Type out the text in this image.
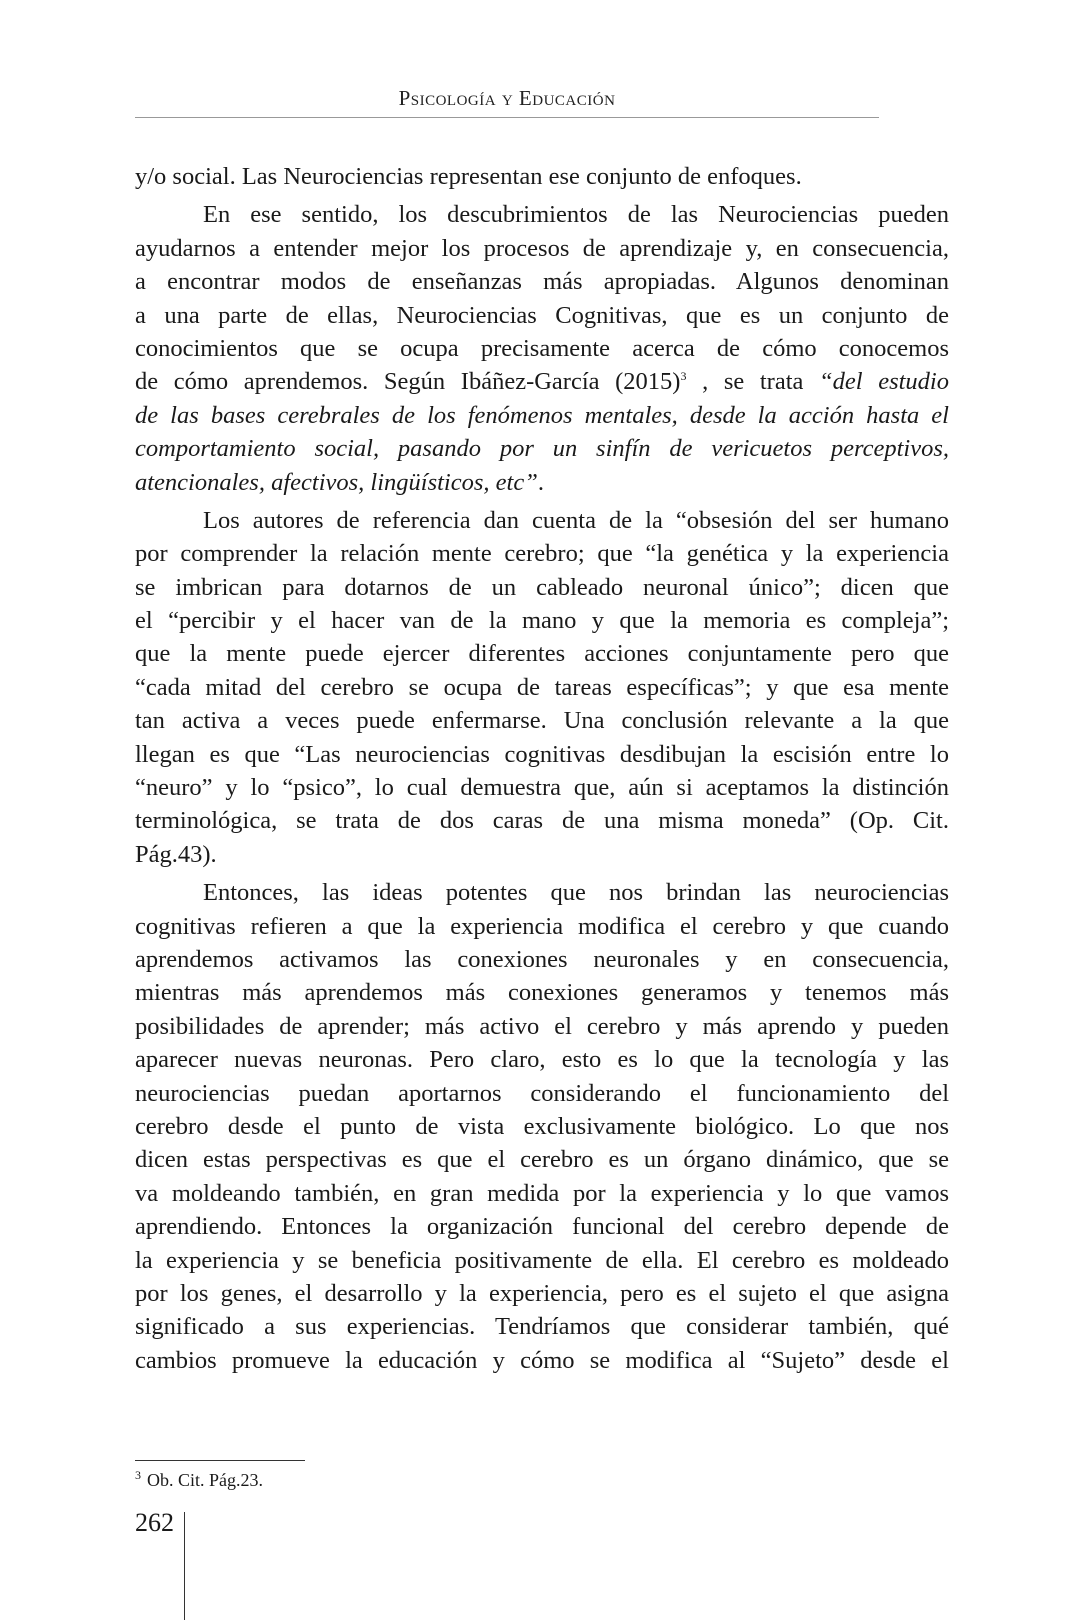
Psicología y Educación
y/o social. Las Neurociencias representan ese conjunto de enfoques.
En ese sentido, los descubrimientos de las Neurociencias pueden
ayudarnos a entender mejor los procesos de aprendizaje y, en consecuencia,
a encontrar modos de enseñanzas más apropiadas. Algunos denominan
a una parte de ellas, Neurociencias Cognitivas, que es un conjunto de
conocimientos que se ocupa precisamente acerca de cómo conocemos
de cómo aprendemos. Según Ibáñez-García $(2015)^3$ , se trata “del estudio
de las bases cerebrales de los fenómenos mentales, desde la acción hasta el
comportamiento social, pasando por un sinfín de vericuetos perceptivos,
atencionales, afectivos, lingüísticos, etc”.
Los autores de referencia dan cuenta de la “obsesión del ser humano
por comprender la relación mente cerebro; que “la genética y la experiencia
se imbrican para dotarnos de un cableado neuronal único”; dicen que
el “percibir y el hacer van de la mano y que la memoria es compleja”;
que la mente puede ejercer diferentes acciones conjuntamente pero que
“cada mitad del cerebro se ocupa de tareas específicas”; y que esa mente
tan activa a veces puede enfermarse. Una conclusión relevante a la que
llegan es que “Las neurociencias cognitivas desdibujan la escisión entre lo
“neuro” y lo “psico”, lo cual demuestra que, aún si aceptamos la distinción
terminológica, se trata de dos caras de una misma moneda” (Op. Cit.
Pág.43).
Entonces, las ideas potentes que nos brindan las neurociencias
cognitivas refieren a que la experiencia modifica el cerebro y que cuando
aprendemos activamos las conexiones neuronales y en consecuencia,
mientras más aprendemos más conexiones generamos y tenemos más
posibilidades de aprender; más activo el cerebro y más aprendo y pueden
aparecer nuevas neuronas. Pero claro, esto es lo que la tecnología y las
neurociencias puedan aportarnos considerando el funcionamiento del
cerebro desde el punto de vista exclusivamente biológico. Lo que nos
dicen estas perspectivas es que el cerebro es un órgano dinámico, que se
va moldeando también, en gran medida por la experiencia y lo que vamos
aprendiendo. Entonces la organización funcional del cerebro depende de
la experiencia y se beneficia positivamente de ella. El cerebro es moldeado
por los genes, el desarrollo y la experiencia, pero es el sujeto el que asigna
significado a sus experiencias. Tendríamos que considerar también, qué
cambios promueve la educación y cómo se modifica al “Sujeto” desde el
$^3$ Ob. Cit. Pág.23.
262
